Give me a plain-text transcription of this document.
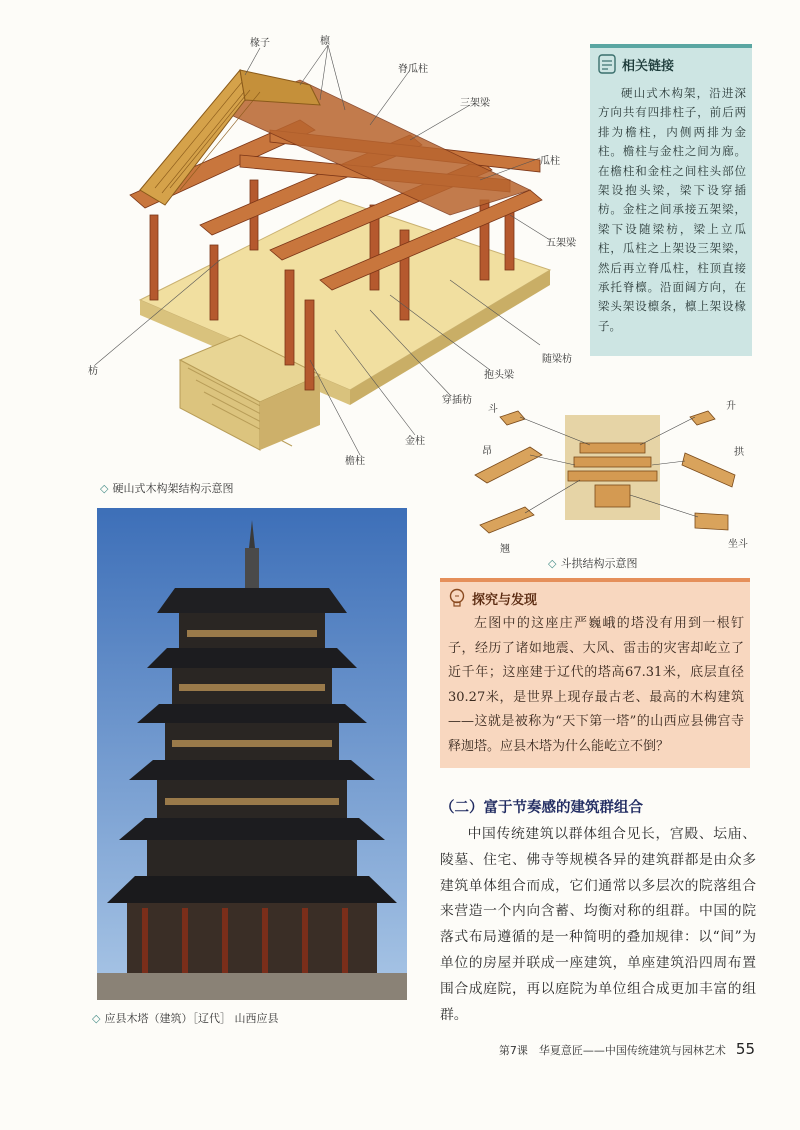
椽子	檩
脊瓜柱
三架梁
瓜柱
五架梁
随梁枋
抱头梁
穿插枋
金柱
檐柱
枋
◇ 硬山式木构架结构示意图
相关链接
硬山式木构架，沿进深方向共有四排柱子，前后两排为檐柱，内侧两排为金柱。檐柱与金柱之间为廊。在檐柱和金柱之间柱头部位架设抱头梁，梁下设穿插枋。金柱之间承接五架梁，梁下设随梁枋，梁上立瓜柱，瓜柱之上架设三架梁，然后再立脊瓜柱，柱顶直接承托脊檩。沿面阔方向，在梁头架设檩条，檩上架设椽子。
斗	升
昂	拱
翘	坐斗
◇ 斗拱结构示意图
◇ 应县木塔（建筑）［辽代］ 山西应县
探究与发现
左图中的这座庄严巍峨的塔没有用到一根钉子，经历了诸如地震、大风、雷击的灾害却屹立了近千年；这座建于辽代的塔高67.31米，底层直径30.27米，是世界上现存最古老、最高的木构建筑——这就是被称为“天下第一塔”的山西应县佛宫寺释迦塔。应县木塔为什么能屹立不倒？
（二）富于节奏感的建筑群组合
中国传统建筑以群体组合见长，宫殿、坛庙、陵墓、住宅、佛寺等规模各异的建筑群都是由众多建筑单体组合而成，它们通常以多层次的院落组合来营造一个内向含蓄、均衡对称的组群。中国的院落式布局遵循的是一种简明的叠加规律：以“间”为单位的房屋并联成一座建筑，单座建筑沿四周布置围合成庭院，再以庭院为单位组合成更加丰富的组群。
第7课　华夏意匠——中国传统建筑与园林艺术 55
